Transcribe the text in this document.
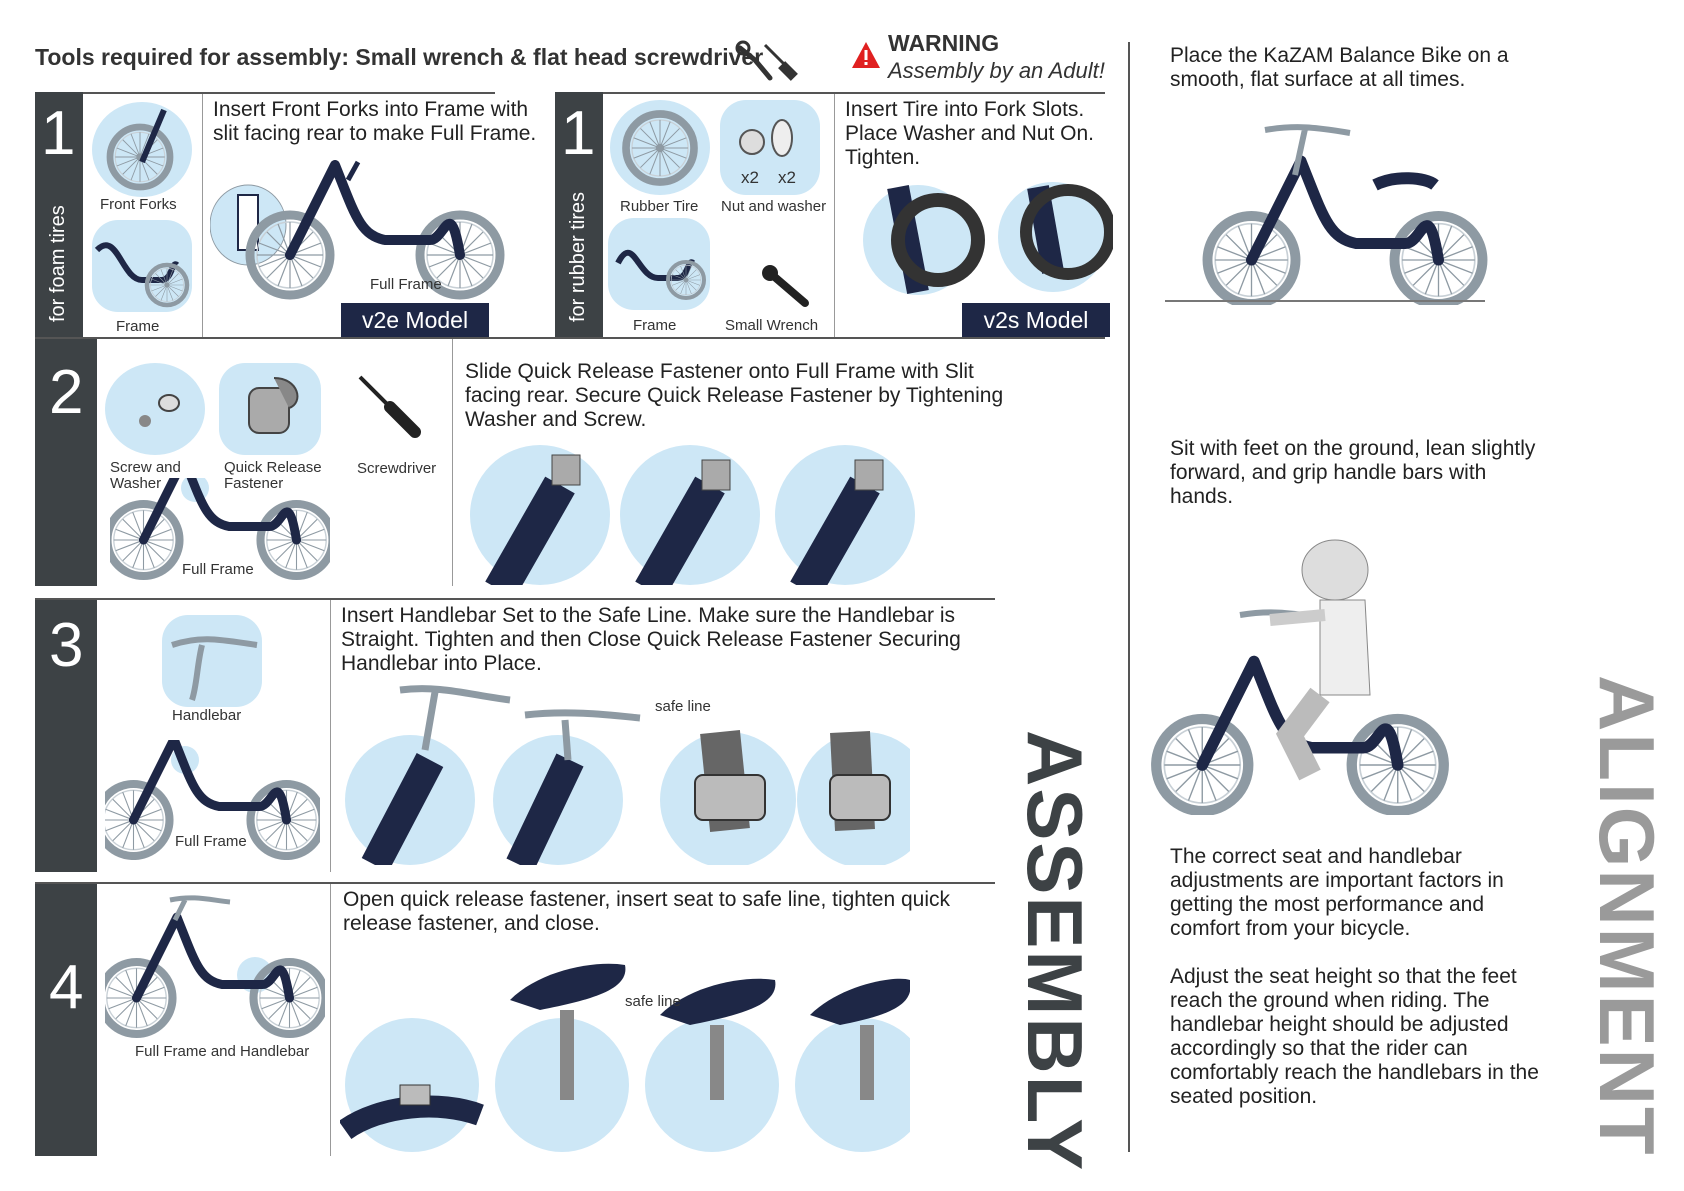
Tools required for assembly: Small wrench & flat head screwdriver
WARNING
Assembly by an Adult!
1
for foam tires
Front Forks
Frame
Insert Front Forks into Frame with slit facing rear to make Full Frame.
Full Frame
v2e Model
1
for rubber tires Rubber Tire
x2 x2
Nut and washer
Frame	Small Wrench
Insert Tire into Fork Slots. Place Washer and Nut On. Tighten.
v2s Model
2
Screw and Washer
Quick Release Fastener
Screwdriver
Full Frame
Slide Quick Release Fastener onto Full Frame with Slit facing rear. Secure Quick Release Fastener by Tightening Washer and Screw.
3
Handlebar
Full Frame
Insert Handlebar Set to the Safe Line. Make sure the Handlebar is Straight. Tighten and then Close Quick Release Fastener Securing Handlebar into Place.
safe line
4
Full Frame and Handlebar
Open quick release fastener, insert seat to safe line, tighten quick release fastener, and close.
safe line	ASSEMBLY	ALIGNMENT
Place the KaZAM Balance Bike on a smooth, flat surface at all times.
Sit with feet on the ground, lean slightly forward, and grip handle bars with hands.
The correct seat and handlebar adjustments are important factors in getting the most performance and comfort from your bicycle.
Adjust the seat height so that the feet reach the ground when riding. The handlebar height should be adjusted accordingly so that the rider can comfortably reach the handlebars in the seated position.
